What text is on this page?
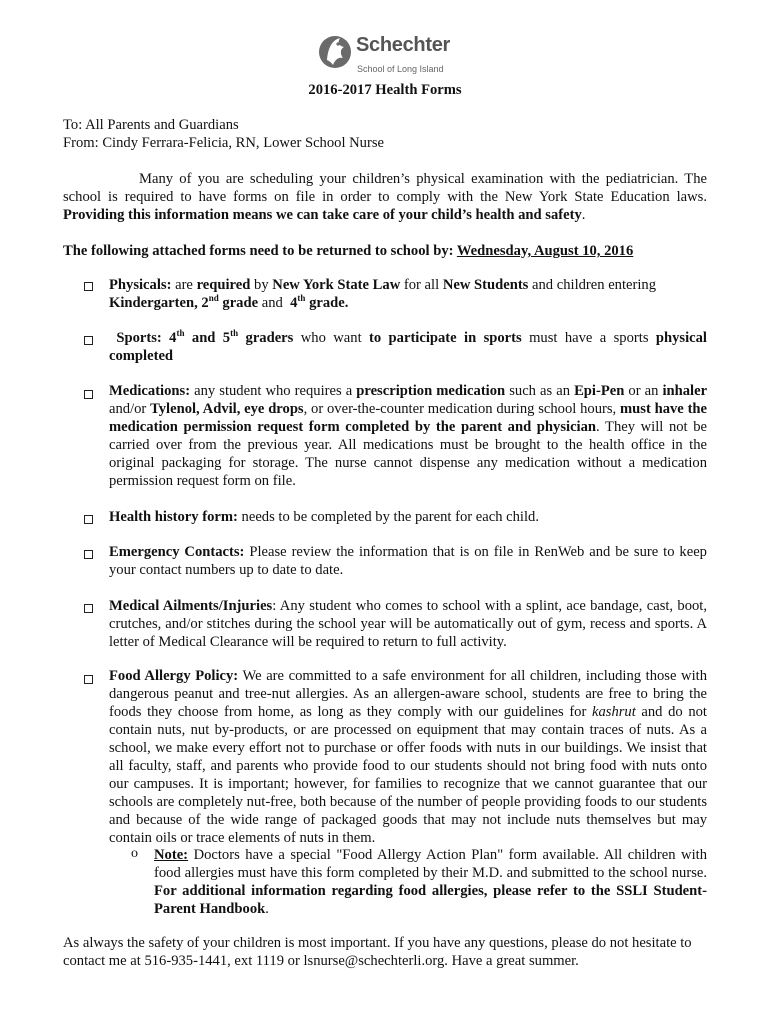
Schechter
School of Long Island
2016-2017 Health Forms
To: All Parents and Guardians
From: Cindy Ferrara-Felicia, RN, Lower School Nurse
Many of you are scheduling your children’s physical examination with the pediatrician. The school is required to have forms on file in order to comply with the New York State Education laws. Providing this information means we can take care of your child’s health and safety.
The following attached forms need to be returned to school by: Wednesday, August 10, 2016
Physicals: are required by New York State Law for all New Students and children entering
Kindergarten, 2nd grade and 4th grade.
Sports: 4th and 5th graders who want to participate in sports must have a sports physical completed
Medications: any student who requires a prescription medication such as an Epi-Pen or an inhaler and/or Tylenol, Advil, eye drops, or over-the-counter medication during school hours, must have the medication permission request form completed by the parent and physician. They will not be carried over from the previous year. All medications must be brought to the health office in the original packaging for storage. The nurse cannot dispense any medication without a medication permission request form on file.
Health history form: needs to be completed by the parent for each child.
Emergency Contacts: Please review the information that is on file in RenWeb and be sure to keep your contact numbers up to date to date.
Medical Ailments/Injuries: Any student who comes to school with a splint, ace bandage, cast, boot, crutches, and/or stitches during the school year will be automatically out of gym, recess and sports. A letter of Medical Clearance will be required to return to full activity.
Food Allergy Policy: We are committed to a safe environment for all children, including those with dangerous peanut and tree-nut allergies. As an allergen-aware school, students are free to bring the foods they choose from home, as long as they comply with our guidelines for kashrut and do not contain nuts, nut by-products, or are processed on equipment that may contain traces of nuts. As a school, we make every effort not to purchase or offer foods with nuts in our buildings. We insist that all faculty, staff, and parents who provide food to our students should not bring food with nuts onto our campuses. It is important; however, for families to recognize that we cannot guarantee that our schools are completely nut-free, both because of the number of people providing foods to our students and because of the wide range of packaged goods that may not include nuts themselves but may contain oils or trace elements of nuts in them.
o Note: Doctors have a special "Food Allergy Action Plan" form available. All children with food allergies must have this form completed by their M.D. and submitted to the school nurse. For additional information regarding food allergies, please refer to the SSLI Student-Parent Handbook.
As always the safety of your children is most important. If you have any questions, please do not hesitate to contact me at 516-935-1441, ext 1119 or lsnurse@schechterli.org. Have a great summer.
